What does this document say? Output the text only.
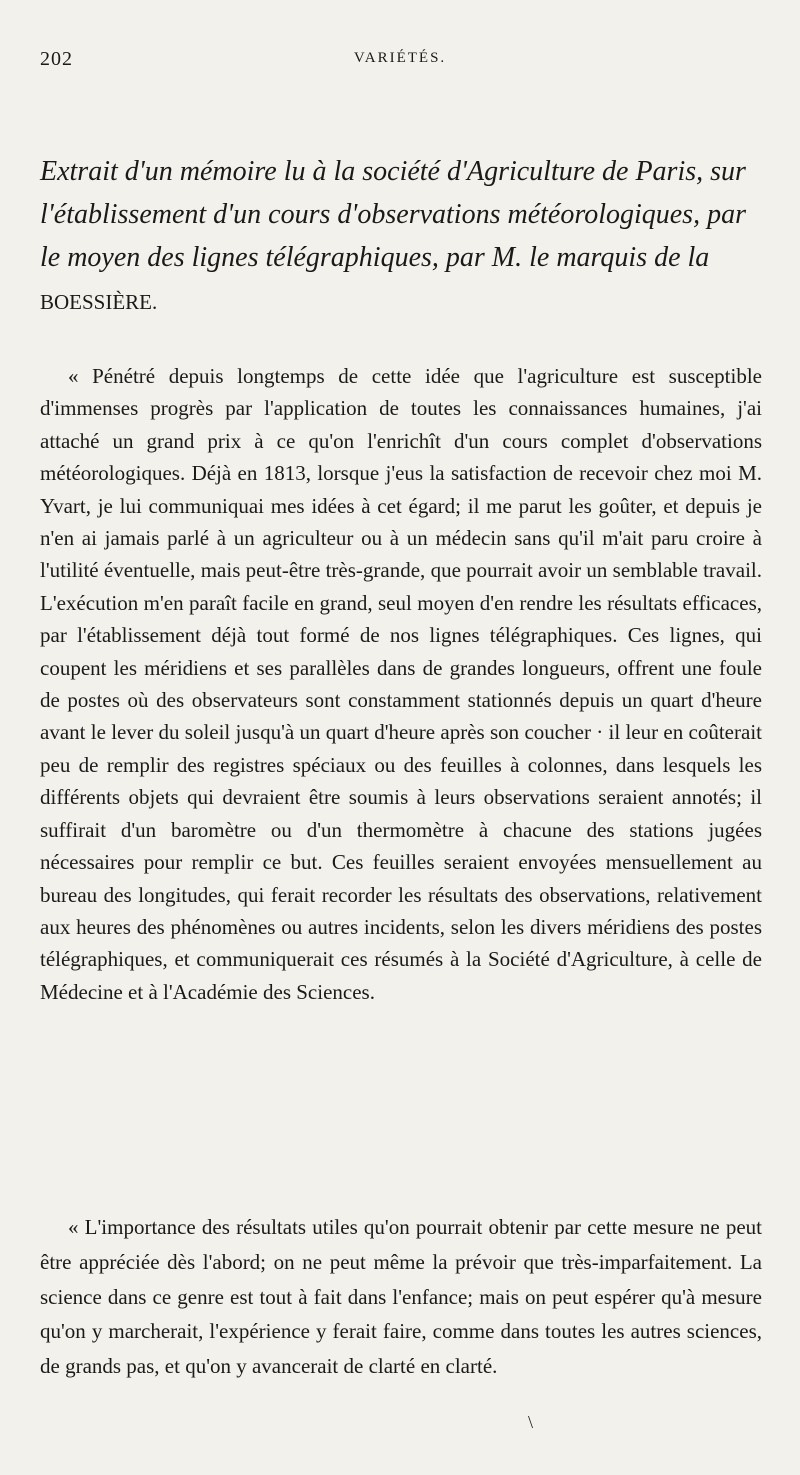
202	VARIÉTÉS.
Extrait d'un mémoire lu à la société d'Agriculture de Paris, sur l'établissement d'un cours d'observations météorologiques, par le moyen des lignes télégraphiques, par M. le marquis de la BOESSIÈRE.

« Pénétré depuis longtemps de cette idée que l'agriculture est susceptible d'immenses progrès par l'application de toutes les connaissances humaines, j'ai attaché un grand prix à ce qu'on l'enrichît d'un cours complet d'observations météorologiques. Déjà en 1813, lorsque j'eus la satisfaction de recevoir chez moi M. Yvart, je lui communiquai mes idées à cet égard; il me parut les goûter, et depuis je n'en ai jamais parlé à un agriculteur ou à un médecin sans qu'il m'ait paru croire à l'utilité éventuelle, mais peut-être très-grande, que pourrait avoir un semblable travail. L'exécution m'en paraît facile en grand, seul moyen d'en rendre les résultats efficaces, par l'établissement déjà tout formé de nos lignes télégraphiques. Ces lignes, qui coupent les méridiens et ses parallèles dans de grandes longueurs, offrent une foule de postes où des observateurs sont constamment stationnés depuis un quart d'heure avant le lever du soleil jusqu'à un quart d'heure après son coucher · il leur en coûterait peu de remplir des registres spéciaux ou des feuilles à colonnes, dans lesquels les différents objets qui devraient être soumis à leurs observations seraient annotés; il suffirait d'un baromètre ou d'un thermomètre à chacune des stations jugées nécessaires pour remplir ce but. Ces feuilles seraient envoyées mensuellement au bureau des longitudes, qui ferait recorder les résultats des observations, relativement aux heures des phénomènes ou autres incidents, selon les divers méridiens des postes télégraphiques, et communiquerait ces résumés à la Société d'Agriculture, à celle de Médecine et à l'Académie des Sciences.

« L'importance des résultats utiles qu'on pourrait obtenir par cette mesure ne peut être appréciée dès l'abord; on ne peut même la prévoir que très-imparfaitement. La science dans ce genre est tout à fait dans l'enfance; mais on peut espérer qu'à mesure qu'on y marcherait, l'expérience y ferait faire, comme dans toutes les autres sciences, de grands pas, et qu'on y avancerait de clarté en clarté.

\
